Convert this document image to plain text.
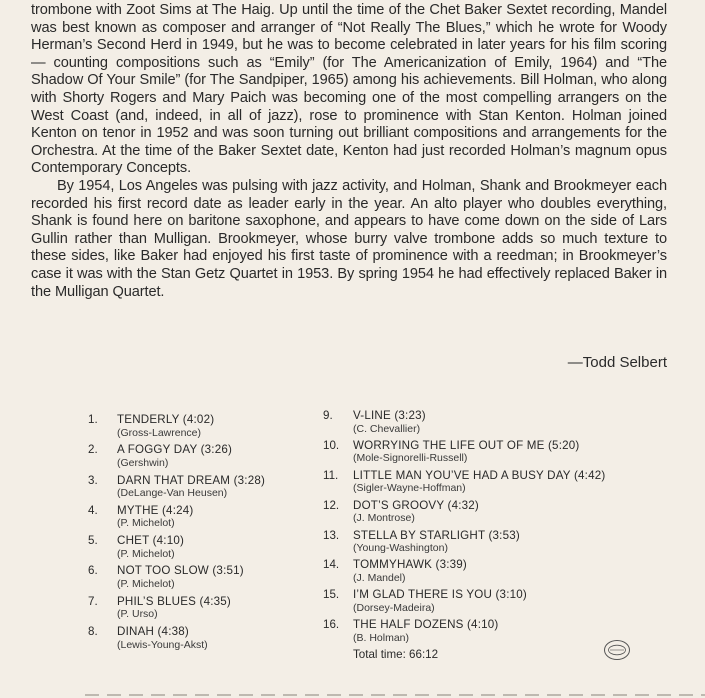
trombone with Zoot Sims at The Haig. Up until the time of the Chet Baker Sextet recording, Mandel was best known as composer and arranger of “Not Really The Blues,” which he wrote for Woody Herman’s Second Herd in 1949, but he was to become celebrated in later years for his film scoring — counting compositions such as “Emily” (for The Americanization of Emily, 1964) and “The Shadow Of Your Smile” (for The Sandpiper, 1965) among his achievements. Bill Holman, who along with Shorty Rogers and Mary Paich was becoming one of the most compelling arrangers on the West Coast (and, indeed, in all of jazz), rose to prominence with Stan Kenton. Holman joined Kenton on tenor in 1952 and was soon turning out brilliant compositions and arrangements for the Orchestra. At the time of the Baker Sextet date, Kenton had just recorded Holman’s magnum opus Contemporary Concepts.

By 1954, Los Angeles was pulsing with jazz activity, and Holman, Shank and Brookmeyer each recorded his first record date as leader early in the year. An alto player who doubles everything, Shank is found here on baritone saxophone, and appears to have come down on the side of Lars Gullin rather than Mulligan. Brookmeyer, whose burry valve trombone adds so much texture to these sides, like Baker had enjoyed his first taste of prominence with a reedman; in Brookmeyer’s case it was with the Stan Getz Quartet in 1953. By spring 1954 he had effectively replaced Baker in the Mulligan Quartet.

—Todd Selbert
1.	TENDERLY (4:02)
(Gross-Lawrence)
2.	A FOGGY DAY (3:26)
(Gershwin)
3.	DARN THAT DREAM (3:28)
(DeLange-Van Heusen)
4.	MYTHE (4:24)
(P. Michelot)
5.	CHET (4:10)
(P. Michelot)
6.	NOT TOO SLOW (3:51)
(P. Michelot)
7.	PHIL’S BLUES (4:35)
(P. Urso)
8.	DINAH (4:38)
(Lewis-Young-Akst)
9.	V-LINE (3:23)
(C. Chevallier)
10.	WORRYING THE LIFE OUT OF ME (5:20)
(Mole-Signorelli-Russell)
11.	LITTLE MAN YOU’VE HAD A BUSY DAY (4:42)
(Sigler-Wayne-Hoffman)
12.	DOT’S GROOVY (4:32)
(J. Montrose)
13.	STELLA BY STARLIGHT (3:53)
(Young-Washington)
14.	TOMMYHAWK (3:39)
(J. Mandel)
15.	I’M GLAD THERE IS YOU (3:10)
(Dorsey-Madeira)
16.	THE HALF DOZENS (4:10)
(B. Holman)
Total time: 66:12
